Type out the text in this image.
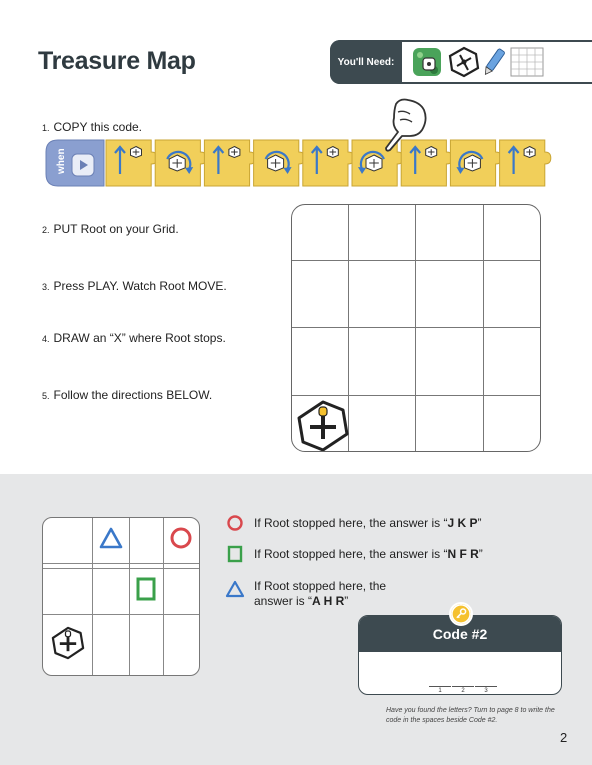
Treasure Map	You'll Need:
1. COPY this code.
2. PUT Root on your Grid.
3. Press PLAY. Watch Root MOVE.
4. DRAW an “X” where Root stops.
5. Follow the directions BELOW.
when

If Root stopped here, the answer is “J K P”
If Root stopped here, the answer is “N F R”
If Root stopped here, the
answer is “A H R”
Code #2
1	2	3
Have you found the letters? Turn to page 8 to write the code in the spaces beside Code #2.
2
